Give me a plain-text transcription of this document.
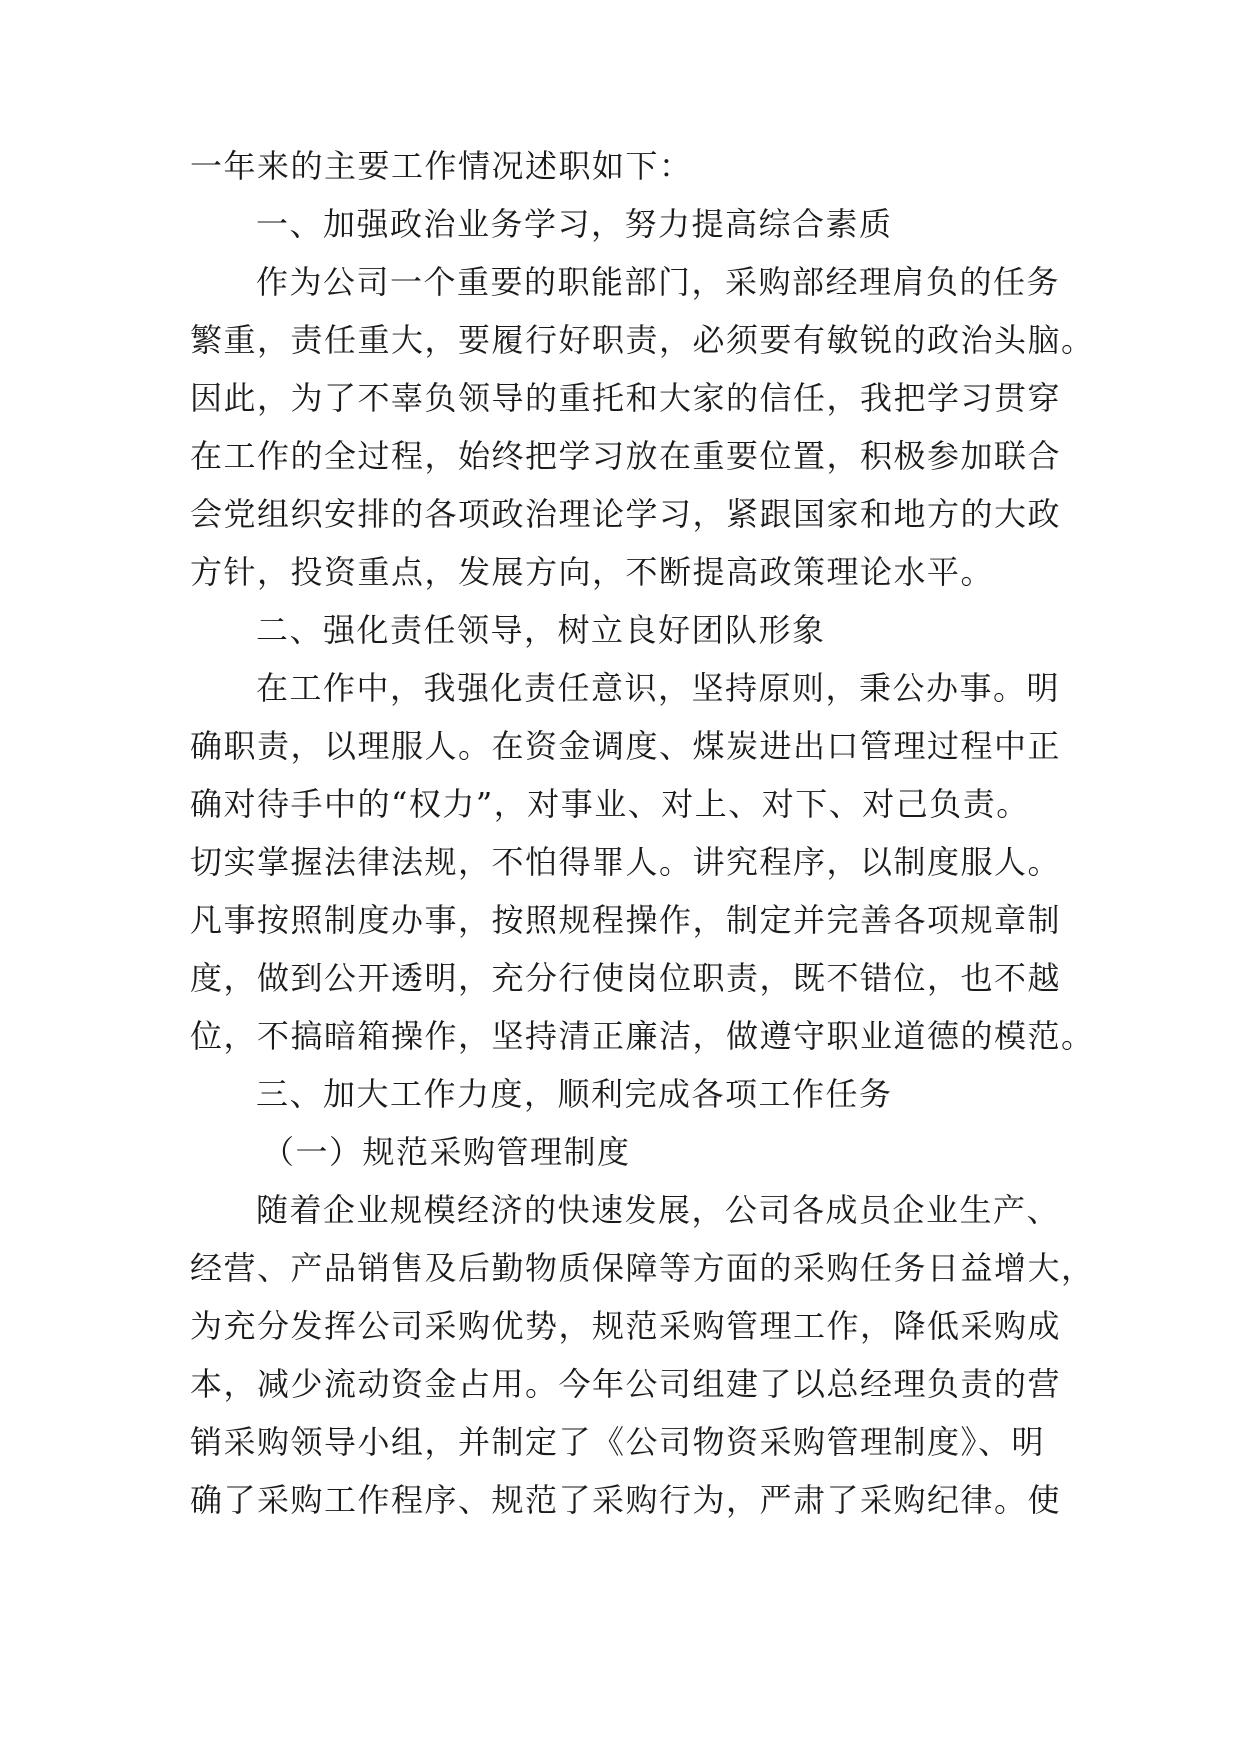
一年来的主要工作情况述职如下：
一、加强政治业务学习，努力提高综合素质
作为公司一个重要的职能部门，采购部经理肩负的任务
繁重，责任重大，要履行好职责，必须要有敏锐的政治头脑。
因此，为了不辜负领导的重托和大家的信任，我把学习贯穿
在工作的全过程，始终把学习放在重要位置，积极参加联合
会党组织安排的各项政治理论学习，紧跟国家和地方的大政
方针，投资重点，发展方向，不断提高政策理论水平。
二、强化责任领导，树立良好团队形象
在工作中，我强化责任意识，坚持原则，秉公办事。明
确职责，以理服人。在资金调度、煤炭进出口管理过程中正
确对待手中的“权力”，对事业、对上、对下、对己负责。
切实掌握法律法规，不怕得罪人。讲究程序，以制度服人。
凡事按照制度办事，按照规程操作，制定并完善各项规章制
度，做到公开透明，充分行使岗位职责，既不错位，也不越
位，不搞暗箱操作，坚持清正廉洁，做遵守职业道德的模范。
三、加大工作力度，顺利完成各项工作任务
（一）规范采购管理制度
随着企业规模经济的快速发展，公司各成员企业生产、
经营、产品销售及后勤物质保障等方面的采购任务日益增大，
为充分发挥公司采购优势，规范采购管理工作，降低采购成
本，减少流动资金占用。今年公司组建了以总经理负责的营
销采购领导小组，并制定了《公司物资采购管理制度》、明
确了采购工作程序、规范了采购行为，严肃了采购纪律。使
